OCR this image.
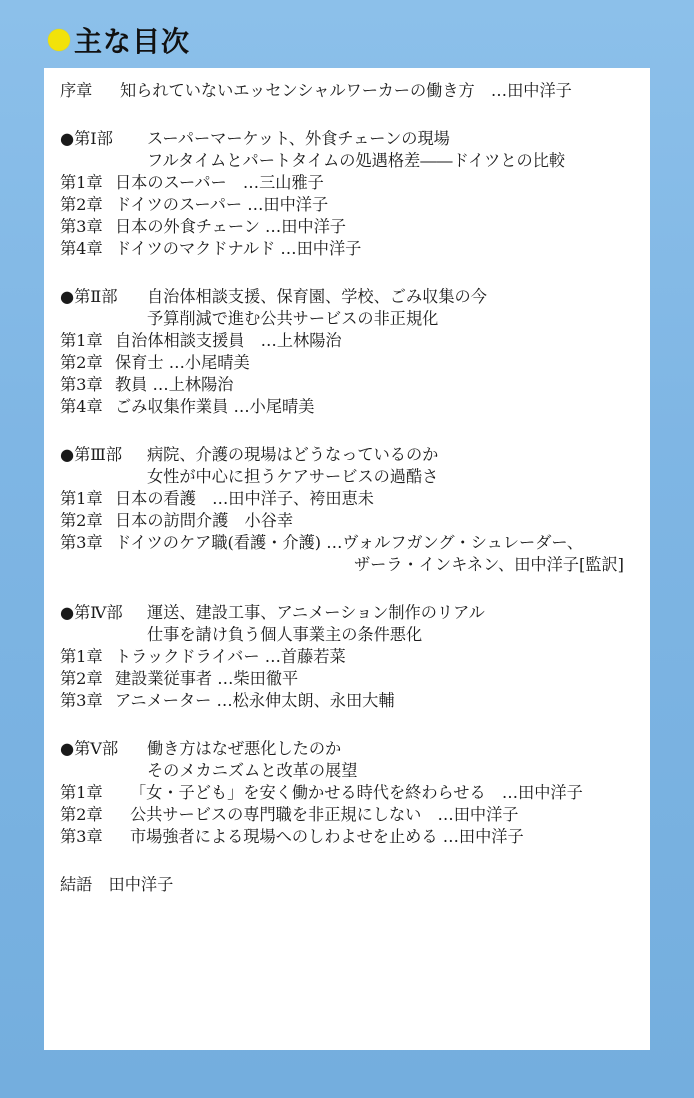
主な目次
序章	知られていないエッセンシャルワーカーの働き方　…田中洋子
●第Ⅰ部	スーパーマーケット、外食チェーンの現場
フルタイムとパートタイムの処遇格差――ドイツとの比較
第1章 日本のスーパー　…三山雅子
第2章 ドイツのスーパー …田中洋子
第3章 日本の外食チェーン …田中洋子
第4章 ドイツのマクドナルド …田中洋子
●第Ⅱ部	自治体相談支援、保育園、学校、ごみ収集の今
予算削減で進む公共サービスの非正規化
第1章 自治体相談支援員　…上林陽治
第2章 保育士 …小尾晴美
第3章 教員 …上林陽治
第4章 ごみ収集作業員 …小尾晴美
●第Ⅲ部	病院、介護の現場はどうなっているのか
女性が中心に担うケアサービスの過酷さ
第1章 日本の看護　…田中洋子、袴田恵未
第2章 日本の訪問介護　小谷幸
第3章 ドイツのケア職(看護・介護) …ヴォルフガング・シュレーダー、
ザーラ・インキネン、田中洋子[監訳]
●第Ⅳ部	運送、建設工事、アニメーション制作のリアル
仕事を請け負う個人事業主の条件悪化
第1章 トラックドライバー …首藤若菜
第2章 建設業従事者 …柴田徹平
第3章 アニメーター …松永伸太朗、永田大輔
●第Ⅴ部	働き方はなぜ悪化したのか
そのメカニズムと改革の展望
第1章	「女・子ども」を安く働かせる時代を終わらせる　…田中洋子
第2章	公共サービスの専門職を非正規にしない　…田中洋子
第3章	市場強者による現場へのしわよせを止める …田中洋子
結語　田中洋子
